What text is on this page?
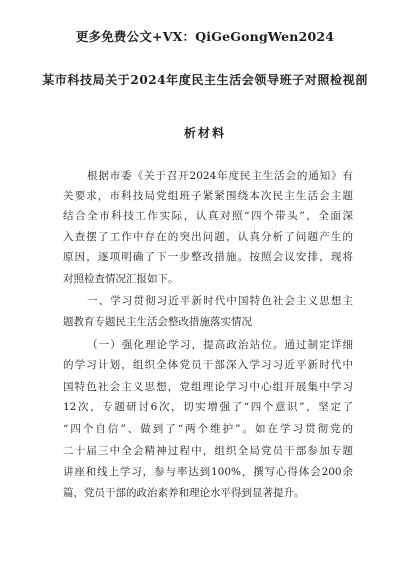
更多免费公文+VX：QiGeGongWen2024
某市科技局关于2024年度民主生活会领导班子对照检视剖
析材料
根据市委《关于召开2024年度民主生活会的通知》有
关要求，市科技局党组班子紧紧围绕本次民主生活会主题
结合全市科技工作实际，认真对照“四个带头”，全面深
入查摆了工作中存在的突出问题，认真分析了问题产生的
原因，逐项明确了下一步整改措施。按照会议安排，现将
对照检查情况汇报如下。
一、学习贯彻习近平新时代中国特色社会主义思想主
题教育专题民主生活会整改措施落实情况
（一）强化理论学习，提高政治站位。通过制定详细
的学习计划，组织全体党员干部深入学习习近平新时代中
国特色社会主义思想，党组理论学习中心组开展集中学习
12次，专题研讨6次，切实增强了“四个意识”，坚定了
“四个自信”、做到了“两个维护”。如在学习贯彻党的
二十届三中全会精神过程中，组织全局党员干部参加专题
讲座和线上学习，参与率达到100%，撰写心得体会200余
篇，党员干部的政治素养和理论水平得到显著提升。
